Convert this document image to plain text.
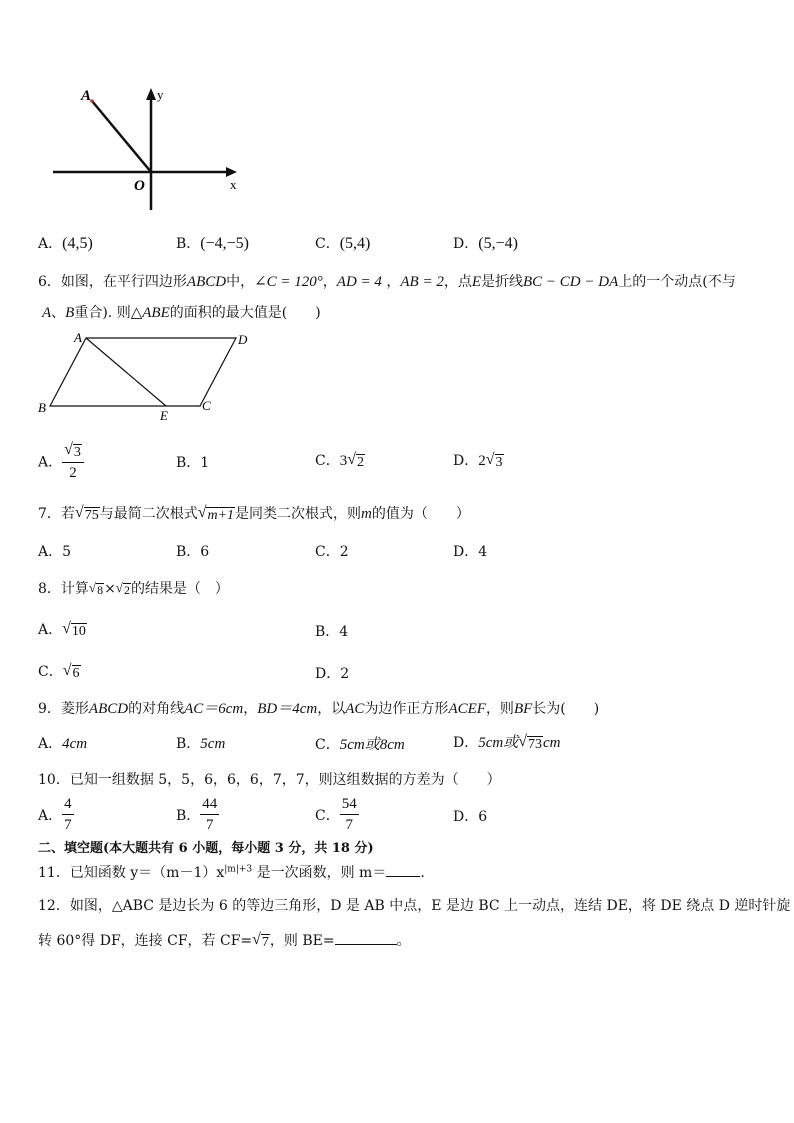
A
O	x
y
A．(4,5)	B．(−4,−5)	C．(5,4)	D．(5,−4)
6．如图，在平行四边形ABCD中，∠C = 120°，AD = 4 ，AB = 2，点E是折线BC − CD − DA上的一个动点(不与
A、B重合). 则△ABE的面积的最大值是(　　)
A	D
B	C
E
A． $\frac{√ 3}{2}$	B．1	C．3 √ 2	D．2 √ 3
7．若 √ 75 与最简二次根式 √ m+1 是同类二次根式，则m的值为（　　）
A．5	B．6	C．2	D．4
8．计算 √ 8 × √ 2 的结果是（　）
A． √ 10	B．4
C． √ 6	D．2
9．菱形ABCD的对角线AC＝6cm，BD＝4cm，以AC为边作正方形ACEF，则BF长为(　　)
A．4cm	B．5cm	C．5cm或8cm	D．5cm或 √ 73 cm
10．已知一组数据 5，5，6，6，6，7，7，则这组数据的方差为（　　）
A． $\frac{4}{7}$	B． $\frac{44}{7}$	C． $\frac{54}{7}$	D．6
二、填空题(本大题共有 6 小题，每小题 3 分，共 18 分)
11．已知函数 $y=(m-1)x^{|m|+3}$ 是一次函数，则 m＝ .
12．如图，△ABC 是边长为 6 的等边三角形，D 是 AB 中点，E 是边 BC 上一动点，连结 DE，将 DE 绕点 D 逆时针旋
转 60°得 DF，连接 CF，若 CF= √ 7 ，则 BE=	。
